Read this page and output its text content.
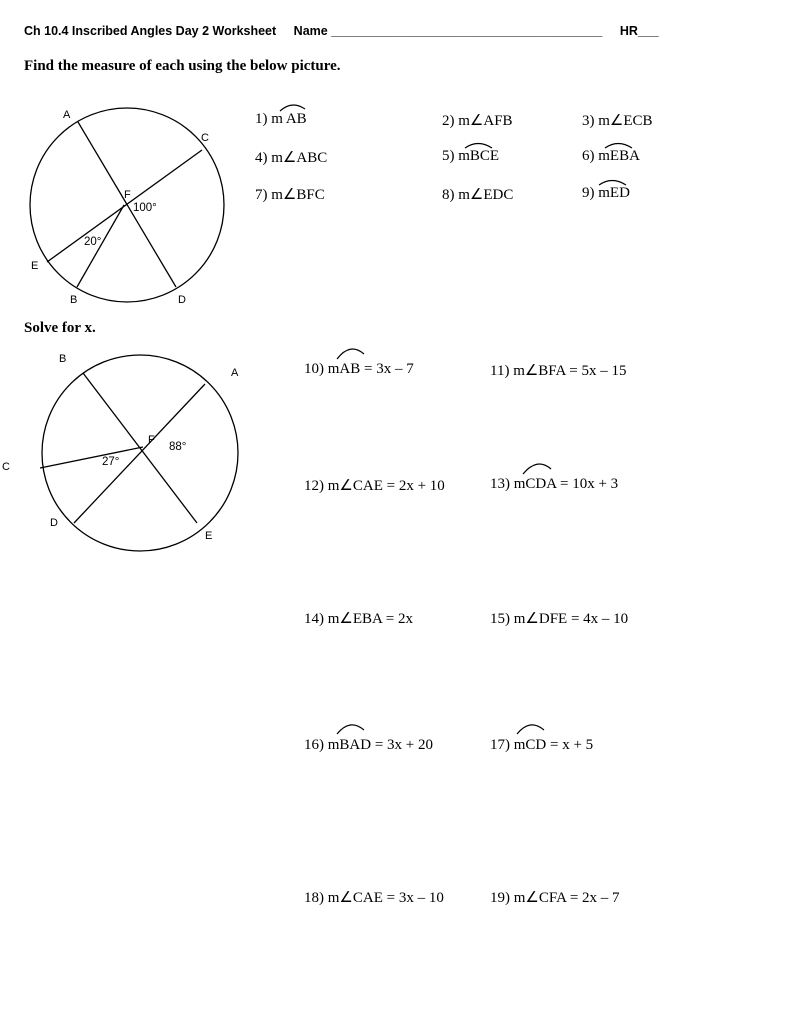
Ch 10.4 Inscribed Angles Day 2 Worksheet Name _______________________________________ HR___
Find the measure of each using the below picture.
Solve for x.
A
C
F
E
B	D
100°
20°
B
A
F
C
D
E
88°
27°
1) m AB	2) m∠AFB	3) m∠ECB
4) m∠ABC	5) mBCE	6) mEBA
7) m∠BFC	8) m∠EDC	9) mED
10) mAB = 3x – 7	11) m∠BFA = 5x – 15
12) m∠CAE = 2x + 10	13) mCDA = 10x + 3
14) m∠EBA = 2x	15) m∠DFE = 4x – 10
16) mBAD = 3x + 20	17) mCD = x + 5
18) m∠CAE = 3x – 10	19) m∠CFA = 2x – 7
